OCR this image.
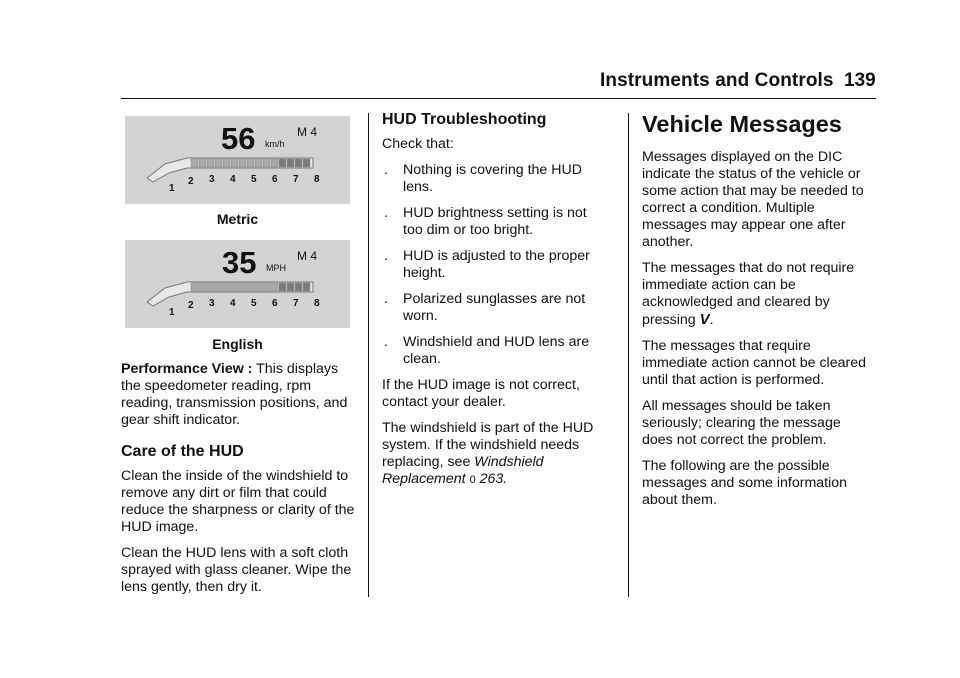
Instruments and Controls 139
56 km/h
M 4
1
2 3 4 5 6 7 8
Metric
35 MPH
M 4
1
2 3 4 5 6 7 8
English

Performance View : This displays the speedometer reading, rpm reading, transmission positions, and gear shift indicator.

Care of the HUD

Clean the inside of the windshield to remove any dirt or film that could reduce the sharpness or clarity of the HUD image.

Clean the HUD lens with a soft cloth sprayed with glass cleaner. Wipe the lens gently, then dry it.

HUD Troubleshooting

Check that:

. Nothing is covering the HUD lens.
. HUD brightness setting is not too dim or too bright.
. HUD is adjusted to the proper height.
. Polarized sunglasses are not worn.
. Windshield and HUD lens are clean.

If the HUD image is not correct, contact your dealer.

The windshield is part of the HUD system. If the windshield needs replacing, see Windshield Replacement 0 263.

Vehicle Messages

Messages displayed on the DIC indicate the status of the vehicle or some action that may be needed to correct a condition. Multiple messages may appear one after another.

The messages that do not require immediate action can be acknowledged and cleared by pressing V.

The messages that require immediate action cannot be cleared until that action is performed.

All messages should be taken seriously; clearing the message does not correct the problem.

The following are the possible messages and some information about them.
